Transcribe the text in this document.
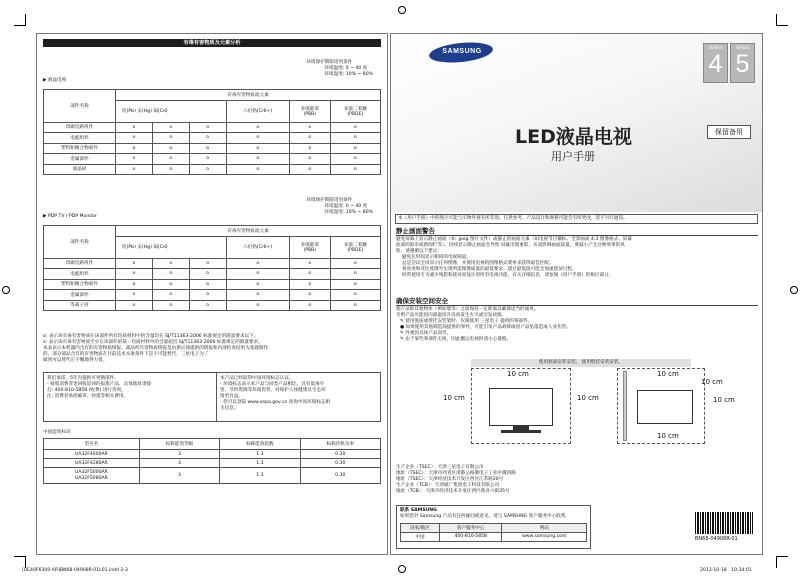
有毒有害物质及元素分析
环境保护期限适用条件
环境温度: 0 ~ 40 度
环境湿度: 10% ~ 80%
▶ 液晶电视
部件名称	有毒有害物质或元素					
	铅(Pb) 汞(Hg) 镉(Cd)			六价铬(Cr6+)	多溴联苯
(PBB)	多溴二苯醚
(PBDE)
印刷电路组件	x	o	o	o	o	o
电缆组件	x	o	o	o	o	o
塑料和聚合物部件	o	o	o	o	o	o
金属部件	x	o	o	o	o	o
液晶屏	x	o	o	o	o	o
环境保护期限适用条件
环境温度: 0 ~ 40 度
环境湿度: 10% ~ 80%
▶ PDP TV / PDP Monitor
部件名称	有毒有害物质或元素					
	铅(Pb) 汞(Hg) 镉(Cd)			六价铬(Cr6+)	多溴联苯
(PBB)	多溴二苯醚
(PBDE)
印刷电路组件	x	o	o	o	o	o
电缆组件	x	o	o	o	o	o
塑料和聚合物部件	o	o	o	o	o	o
金属部件	x	o	o	o	o	o
等离子屏	x	o	o	o	o	o
o: 表示该有毒有害物质在该部件所有均质材料中的含量均在 SJ/T11363-2006 标准规定的限量要求以下。
x: 表示该有毒有害物质至少在该部件的某一均质材料中的含量超出 SJ/T11363-2006 标准规定的限量要求。
本表表示本机器内含有的有害物质情报。部品所有害物质情报是由供应商提供的情报和内部检查结果为基础制作
的。部分部品含有的有害物质在目前技术水准条件下是不可能替代，三星电子为了
做到可以替代正不懈地努力着。
我们承诺，5年内提供可更换部件。
- 接收消费者害回收返回的报废产品，具体地址请拨
打: 400-810-5858 (收费) 进行咨询。
注: 消费者承担邮寄、快递等相关费用。
本产品已经取得中国环境标志认证。
- 环境标志表示本产品与同类产品相比，具有低毒少
害、节约资源等环境优势，对保护人体健康及生态环
境更有益。
- 您可以登陆 www.sepa.gov.cn 查询中国环境标志相
关信息。
中国能效标识
型号名	标称能效等级	标称能效指数	标称待机功率
UA32F4000AR	3	1.3	0.30
UA32F4280AR	3	1.3	0.30
UA32F5000AR
UA32F5080AR	3	1.3	0.30
SAMSUNG
SERIES
4
SERIES
5
保留备用
LED液晶电视
用户手册
本《用户手册》中的图示可能与实物外观有所差别。仅供参考。产品设计和规格可能会有所更改，恕不另行通知。
静止画面警告
避免屏幕上显示静止画面（如 .jpeg 图片文件）或静止的画面元素（如电视节目徽标、全景画或 4:3 图像格式、屏幕
底部的股市或新闻栏等）。持续显示静止画面会导致 屏幕出现重影，从而影响画面质量。要减小产生这种效果的风
险，请遵循以下建议：
避免长时间显示相同的电视频道。
总是尝试全屏显示任何图像，并使用电视的图像格式菜单来获得最佳匹配。
将亮度和对比度降至实现所需图像质量的最低要求。超过最低值可能会加速烧屏过程。
经常使用专为减少残影和烧屏而设计的所有电视功能，有关详细信息，请参阅《用户手册》的相应部分。
确保安装空间安全
使产品和其他物体（例如墙等）之间保持一定距离以确保适当的通风。
否则产品可能因内部温度升高而发生火灾或引发故障。
✎ 使用底座或壁挂安装架时，仅限使用 三星电子 提供的零部件。
● 如果使用其他制造商提供的零件，可能引发产品故障或因产品坠落造成人身伤害。
✎ 外观因具体产品而异。
✎ 由于某些零部件尖锐，因此搬运电视时请小心谨慎。
使用底座安装安装。 使用壁挂安装安装。
10 cm
10 cm	10 cm
10 cm
10 cm
10 cm
10 cm
生产企业（TSEC）：天津三星电子有限公司
地址（TSEC）：天津市西青区津港公路微电子工业区微四路
地址（TSEC）：天津经济技术开发区西区江苏路20号
生产企业（TCB）：天津通广集团电子科技有限公司
地址（TCB）：天津市经济技术开发区西区新业六街35号
联系 SAMSUNG
如果您对 Samsung 产品有任何疑问或意见，请与 SAMSUNG 客户服务中心联系。
国家/地区	客户服务中心	网站
中国	400-810-5858	www.samsung.com	BN68-04908R-01
[UE40F6300-AR]BN68-04908R-01L01.indd 2-3	2013-10-18   10:34:01
